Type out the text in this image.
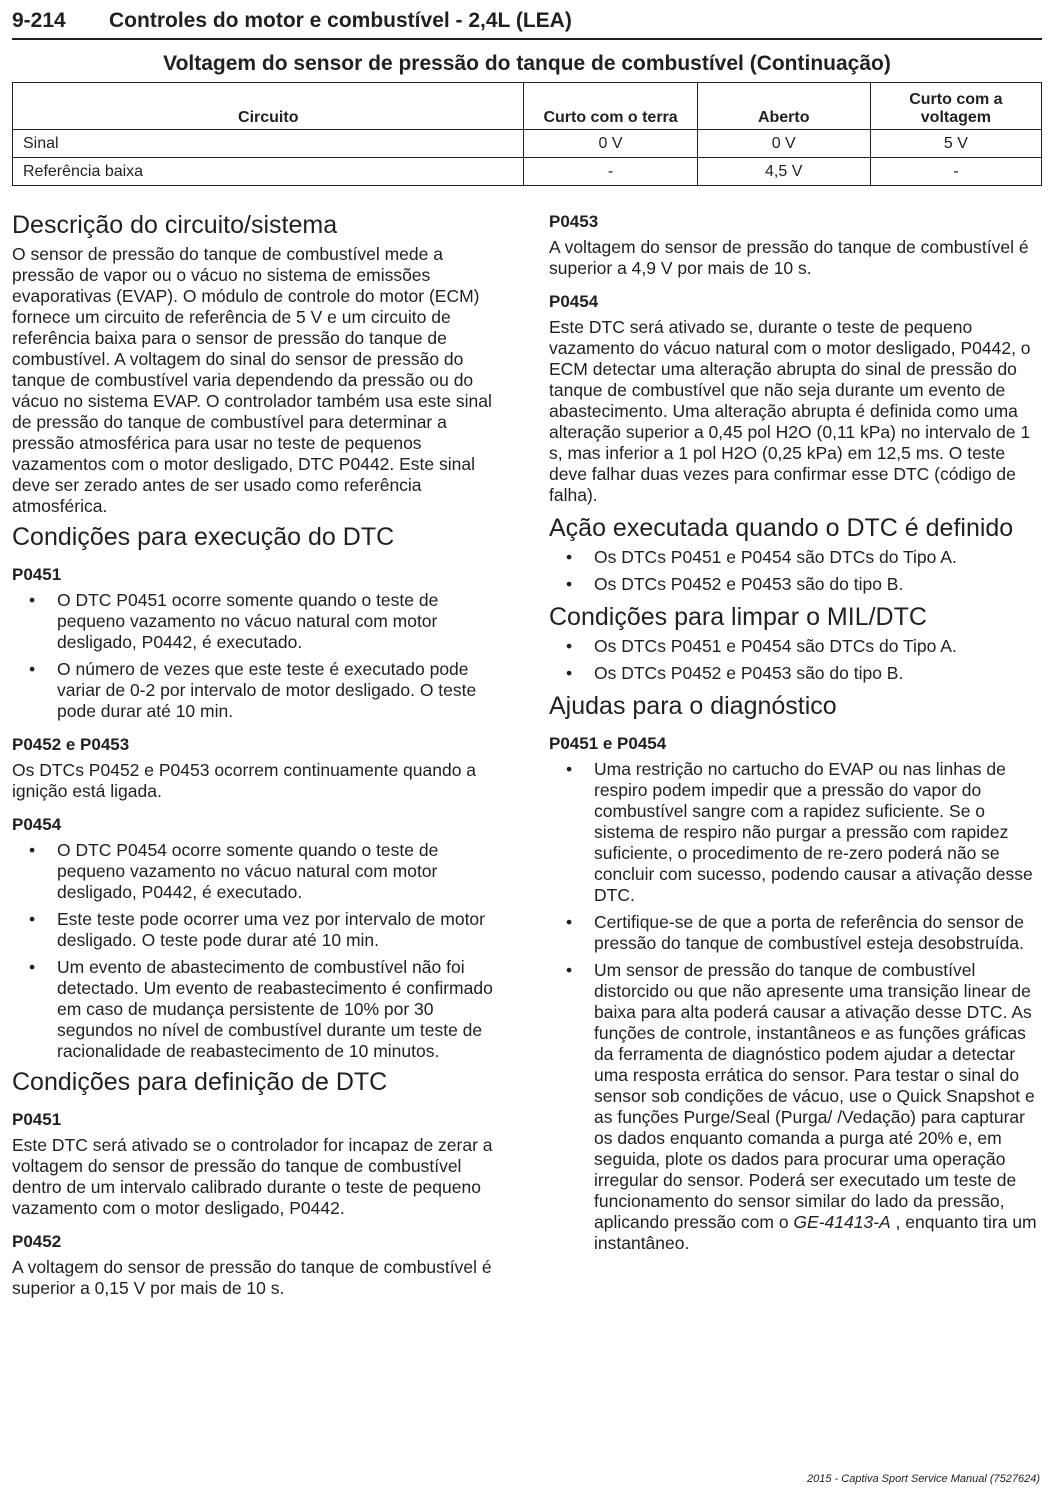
9-214 Controles do motor e combustível - 2,4L (LEA)
Voltagem do sensor de pressão do tanque de combustível (Continuação)
Circuito	Curto com o terra	Aberto	Curto com a voltagem
Sinal	0 V	0 V	5 V
Referência baixa	-	4,5 V	-
Descrição do circuito/sistema

O sensor de pressão do tanque de combustível mede a pressão de vapor ou o vácuo no sistema de emissões evaporativas (EVAP). O módulo de controle do motor (ECM) fornece um circuito de referência de 5 V e um circuito de referência baixa para o sensor de pressão do tanque de combustível. A voltagem do sinal do sensor de pressão do tanque de combustível varia dependendo da pressão ou do vácuo no sistema EVAP. O controlador também usa este sinal de pressão do tanque de combustível para determinar a pressão atmosférica para usar no teste de pequenos vazamentos com o motor desligado, DTC P0442. Este sinal deve ser zerado antes de ser usado como referência atmosférica.

Condições para execução do DTC
P0451
• O DTC P0451 ocorre somente quando o teste de pequeno vazamento no vácuo natural com motor desligado, P0442, é executado.
• O número de vezes que este teste é executado pode variar de 0-2 por intervalo de motor desligado. O teste pode durar até 10 min.
P0452 e P0453

Os DTCs P0452 e P0453 ocorrem continuamente quando a ignição está ligada.

P0454
• O DTC P0454 ocorre somente quando o teste de pequeno vazamento no vácuo natural com motor desligado, P0442, é executado.
• Este teste pode ocorrer uma vez por intervalo de motor desligado. O teste pode durar até 10 min.
• Um evento de abastecimento de combustível não foi detectado. Um evento de reabastecimento é confirmado em caso de mudança persistente de 10% por 30 segundos no nível de combustível durante um teste de racionalidade de reabastecimento de 10 minutos.
Condições para definição de DTC
P0451

Este DTC será ativado se o controlador for incapaz de zerar a voltagem do sensor de pressão do tanque de combustível dentro de um intervalo calibrado durante o teste de pequeno vazamento com o motor desligado, P0442.

P0452

A voltagem do sensor de pressão do tanque de combustível é superior a 0,15 V por mais de 10 s.

P0453

A voltagem do sensor de pressão do tanque de combustível é superior a 4,9 V por mais de 10 s.

P0454

Este DTC será ativado se, durante o teste de pequeno vazamento do vácuo natural com o motor desligado, P0442, o ECM detectar uma alteração abrupta do sinal de pressão do tanque de combustível que não seja durante um evento de abastecimento. Uma alteração abrupta é definida como uma alteração superior a 0,45 pol H2O (0,11 kPa) no intervalo de 1 s, mas inferior a 1 pol H2O (0,25 kPa) em 12,5 ms. O teste deve falhar duas vezes para confirmar esse DTC (código de falha).

Ação executada quando o DTC é definido
• Os DTCs P0451 e P0454 são DTCs do Tipo A.
• Os DTCs P0452 e P0453 são do tipo B.
Condições para limpar o MIL/DTC
• Os DTCs P0451 e P0454 são DTCs do Tipo A.
• Os DTCs P0452 e P0453 são do tipo B.
Ajudas para o diagnóstico
P0451 e P0454
• Uma restrição no cartucho do EVAP ou nas linhas de respiro podem impedir que a pressão do vapor do combustível sangre com a rapidez suficiente. Se o sistema de respiro não purgar a pressão com rapidez suficiente, o procedimento de re-zero poderá não se concluir com sucesso, podendo causar a ativação desse DTC.
• Certifique-se de que a porta de referência do sensor de pressão do tanque de combustível esteja desobstruída.
• Um sensor de pressão do tanque de combustível distorcido ou que não apresente uma transição linear de baixa para alta poderá causar a ativação desse DTC. As funções de controle, instantâneos e as funções gráficas da ferramenta de diagnóstico podem ajudar a detectar uma resposta errática do sensor. Para testar o sinal do sensor sob condições de vácuo, use o Quick Snapshot e as funções Purge/Seal (Purga/ /Vedação) para capturar os dados enquanto comanda a purga até 20% e, em seguida, plote os dados para procurar uma operação irregular do sensor. Poderá ser executado um teste de funcionamento do sensor similar do lado da pressão, aplicando pressão com o GE-41413-A , enquanto tira um instantâneo.
2015 - Captiva Sport Service Manual (7527624)
